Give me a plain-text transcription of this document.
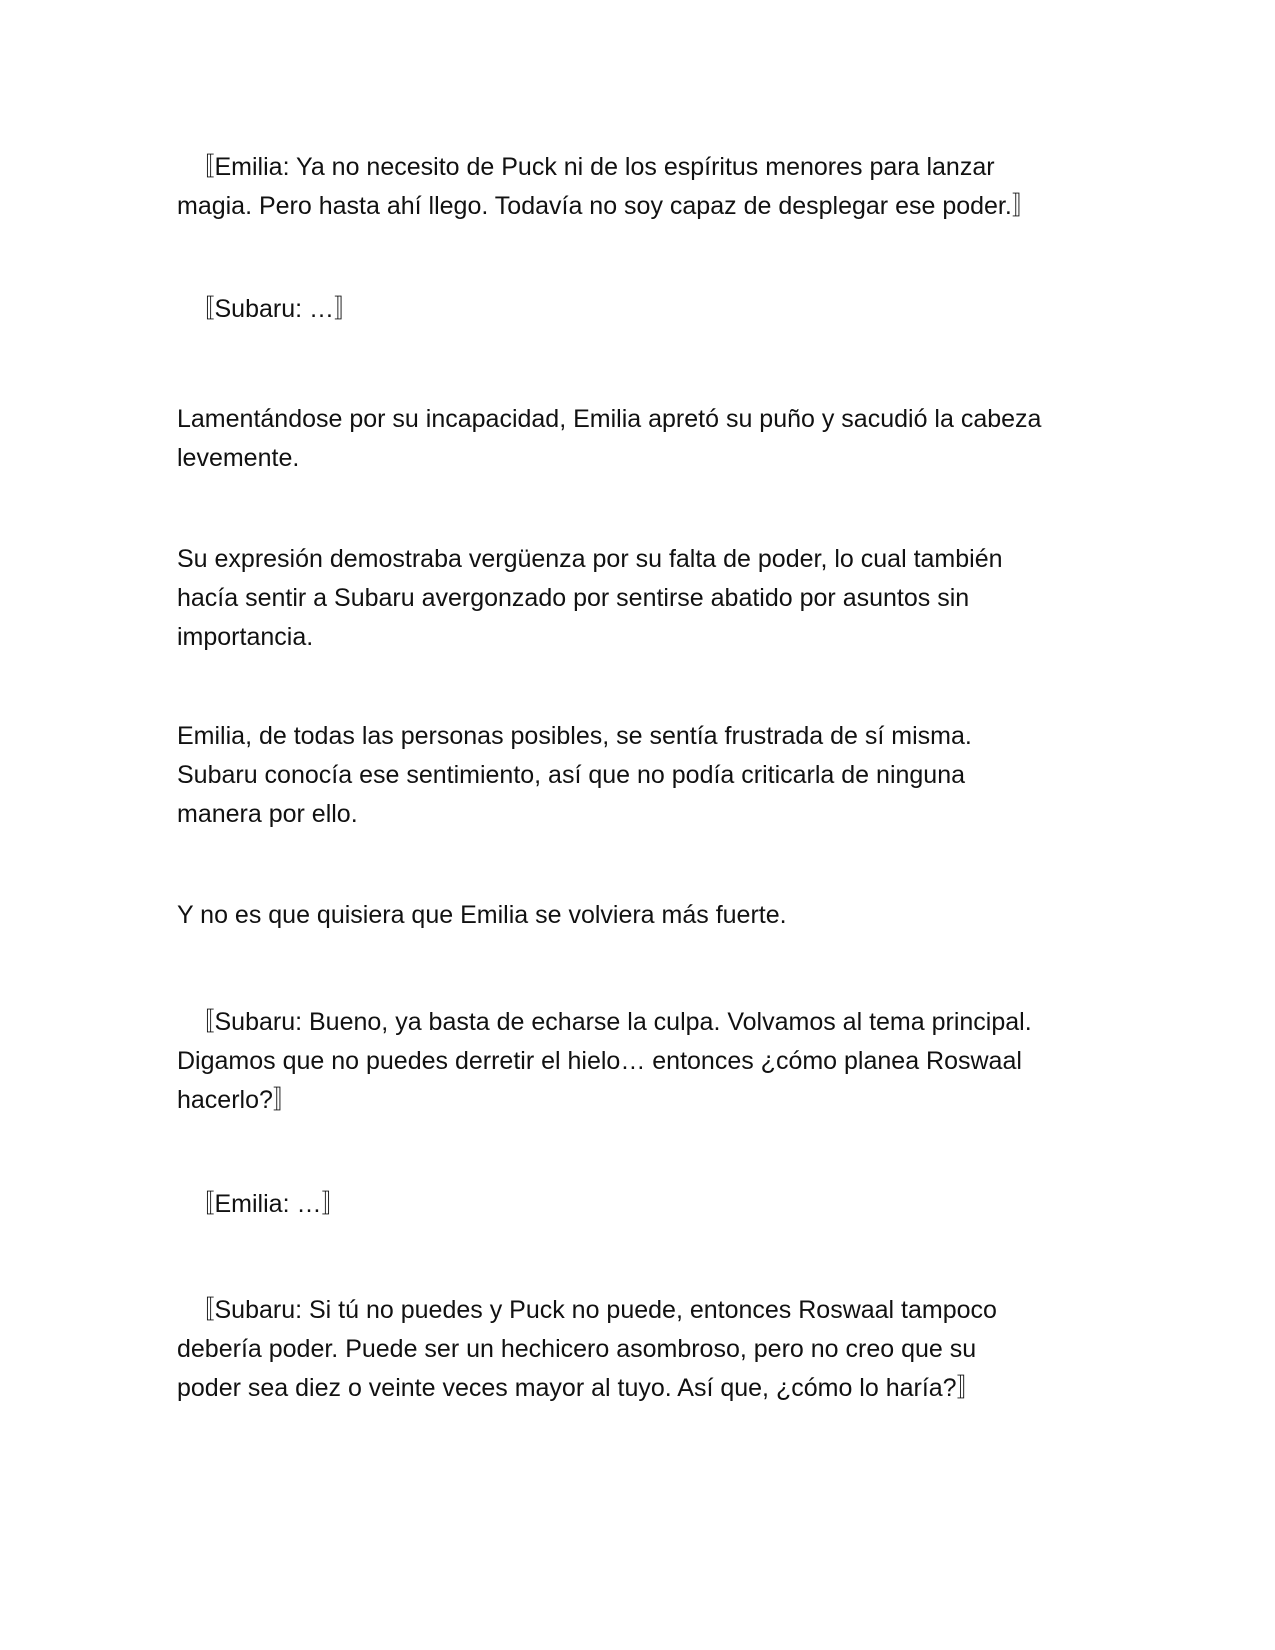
　〚Emilia: Ya no necesito de Puck ni de los espíritus menores para lanzar
magia. Pero hasta ahí llego. Todavía no soy capaz de desplegar ese poder.〛

　〚Subaru: …〛

Lamentándose por su incapacidad, Emilia apretó su puño y sacudió la cabeza
levemente.

Su expresión demostraba vergüenza por su falta de poder, lo cual también
hacía sentir a Subaru avergonzado por sentirse abatido por asuntos sin
importancia.

Emilia, de todas las personas posibles, se sentía frustrada de sí misma.
Subaru conocía ese sentimiento, así que no podía criticarla de ninguna
manera por ello.

Y no es que quisiera que Emilia se volviera más fuerte.

　〚Subaru: Bueno, ya basta de echarse la culpa. Volvamos al tema principal.
Digamos que no puedes derretir el hielo… entonces ¿cómo planea Roswaal
hacerlo?〛

　〚Emilia: …〛

　〚Subaru: Si tú no puedes y Puck no puede, entonces Roswaal tampoco
debería poder. Puede ser un hechicero asombroso, pero no creo que su
poder sea diez o veinte veces mayor al tuyo. Así que, ¿cómo lo haría?〛
